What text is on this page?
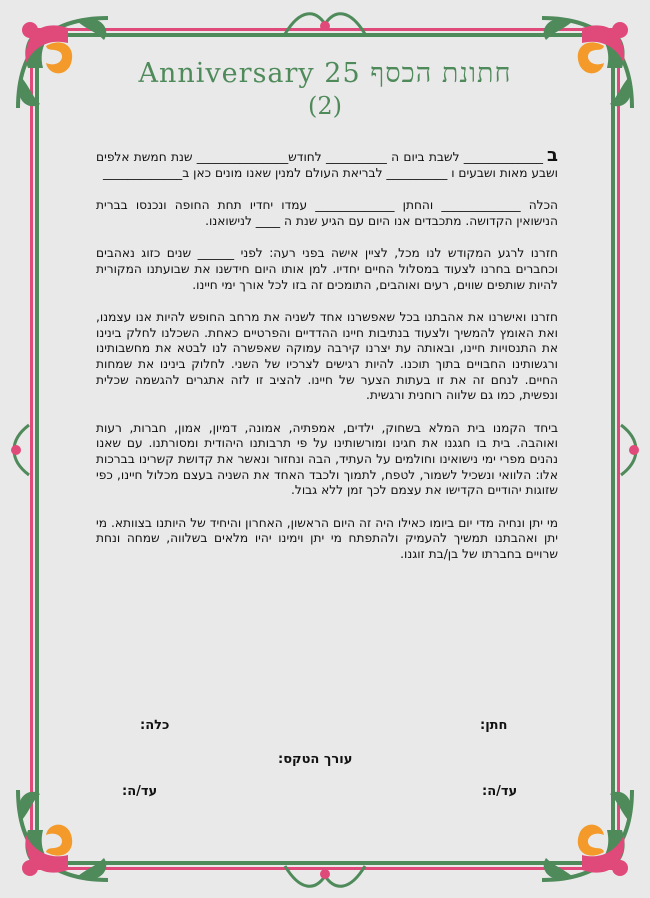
Anniversary 25 חתונת הכסף
(2)

ב_____________ לשבת ביום ה __________ לחודש_______________ שנת חמשת אלפים ושבע מאות ושבעים ו __________ לבריאת העולם למנין שאנו מונים כאן ב_____________

הכלה _____________ והחתן _____________ עמדו יחדיו תחת החופה ונכנסו בברית הנישואין הקדושה. מתכבדים אנו היום עם הגיע שנת ה ____ לנישואנו.

חזרנו לרגע המקודש לנו מכל, לציין אישה בפני רעה: לפני ______ שנים כזוג נאהבים וכחברים בחרנו לצעוד במסלול החיים יחדיו. למן אותו היום חידשנו את שבועתנו המקורית להיות שותפים שווים, רעים ואוהבים, התומכים זה בזו לכל אורך ימי חיינו.

חזרנו ואישרנו את אהבתנו בכל שאפשרנו אחד לשניה את מרחב החופש להיות אנו עצמנו, ואת האומץ להמשיך ולצעוד בנתיבות חיינו ההדדיים והפרטיים כאחת. השכלנו לחלק בינינו את התנסויות חיינו, ובאותה עת יצרנו קירבה עמוקה שאפשרה לנו לבטא את מחשבותינו ורגשותינו החבויים בתוך תוכנו. להיות רגישים לצרכיו של השני. לחלוק בינינו את שמחות החיים. לנחם זה את זו בעתות הצער של חיינו. להציב זו לזה אתגרים להגשמה שכלית ונפשית, כמו גם שלווה רוחנית ורגשית.

ביחד הקמנו בית המלא בשחוק, ילדים, אמפתיה, אמונה, דמיון, אמון, חברות, רעות ואוהבה. בית בו חגגנו את חגינו ומורשותינו על פי תרבותנו היהודית ומסורתנו. עם שאנו נהנים מפרי ימי נישואינו וחולמים על העתיד, הבה ונחזור ונאשר את קדושת קשרינו בברכות אלו: הלוואי ונשכיל לשמור, לטפח, לתמוך ולכבד האחד את השניה בעצם מכלול חיינו, כפי שזוגות יהודיים הקדישו את עצמם לכך זמן ללא גבול.

מי יתן ונחיה מדי יום ביומו כאילו היה זה היום הראשון, האחרון והיחיד של היותנו בצוותא. מי יתן ואהבתנו תמשיך להעמיק ולהתפתח מי יתן וימינו יהיו מלאים בשלווה, שמחה ונחת שרויים בחברתו של בן/בת זוגנו.

חתן:
כלה:
עורך הטקס:
עד/ה:
עד/ה:
